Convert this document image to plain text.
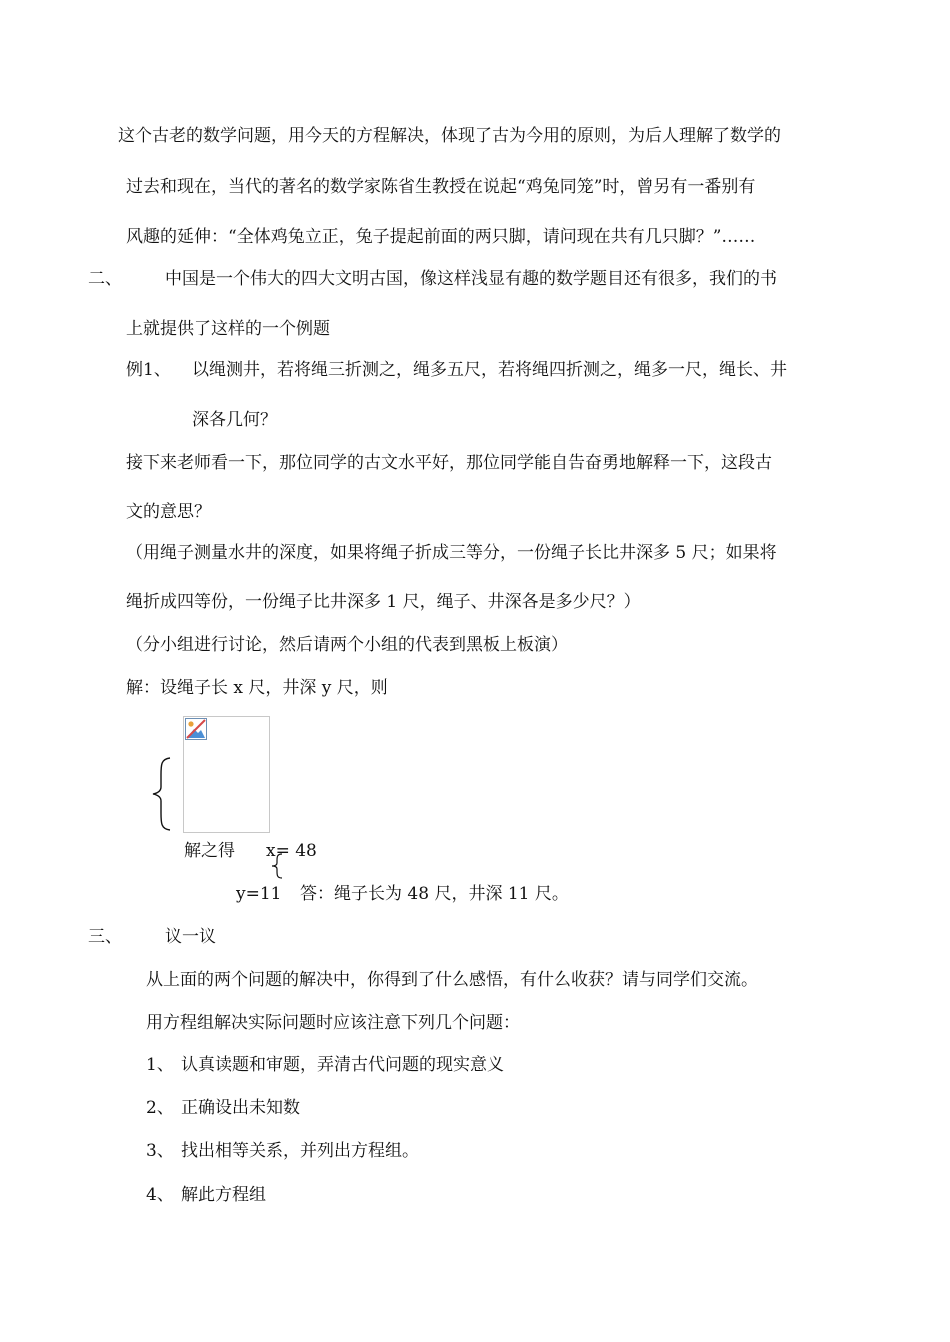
这个古老的数学问题，用今天的方程解决，体现了古为今用的原则，为后人理解了数学的
过去和现在，当代的著名的数学家陈省生教授在说起“鸡兔同笼”时，曾另有一番别有
风趣的延伸：“全体鸡兔立正，兔子提起前面的两只脚，请问现在共有几只脚？”……
二、	中国是一个伟大的四大文明古国，像这样浅显有趣的数学题目还有很多，我们的书
上就提供了这样的一个例题
例1、 以绳测井，若将绳三折测之，绳多五尺，若将绳四折测之，绳多一尺，绳长、井
深各几何？
接下来老师看一下，那位同学的古文水平好，那位同学能自告奋勇地解释一下，这段古
文的意思？
（用绳子测量水井的深度，如果将绳子折成三等分，一份绳子长比井深多 5 尺；如果将
绳折成四等份，一份绳子比井深多 1 尺，绳子、井深各是多少尺？）
（分小组进行讨论，然后请两个小组的代表到黑板上板演）
解：设绳子长 x 尺，井深 y 尺，则
解之得 x= 48
y=11 答：绳子长为 48 尺，井深 11 尺。
三、	议一议
从上面的两个问题的解决中，你得到了什么感悟，有什么收获？请与同学们交流。
用方程组解决实际问题时应该注意下列几个问题：
1、 认真读题和审题，弄清古代问题的现实意义
2、 正确设出未知数
3、 找出相等关系，并列出方程组。
4、 解此方程组
